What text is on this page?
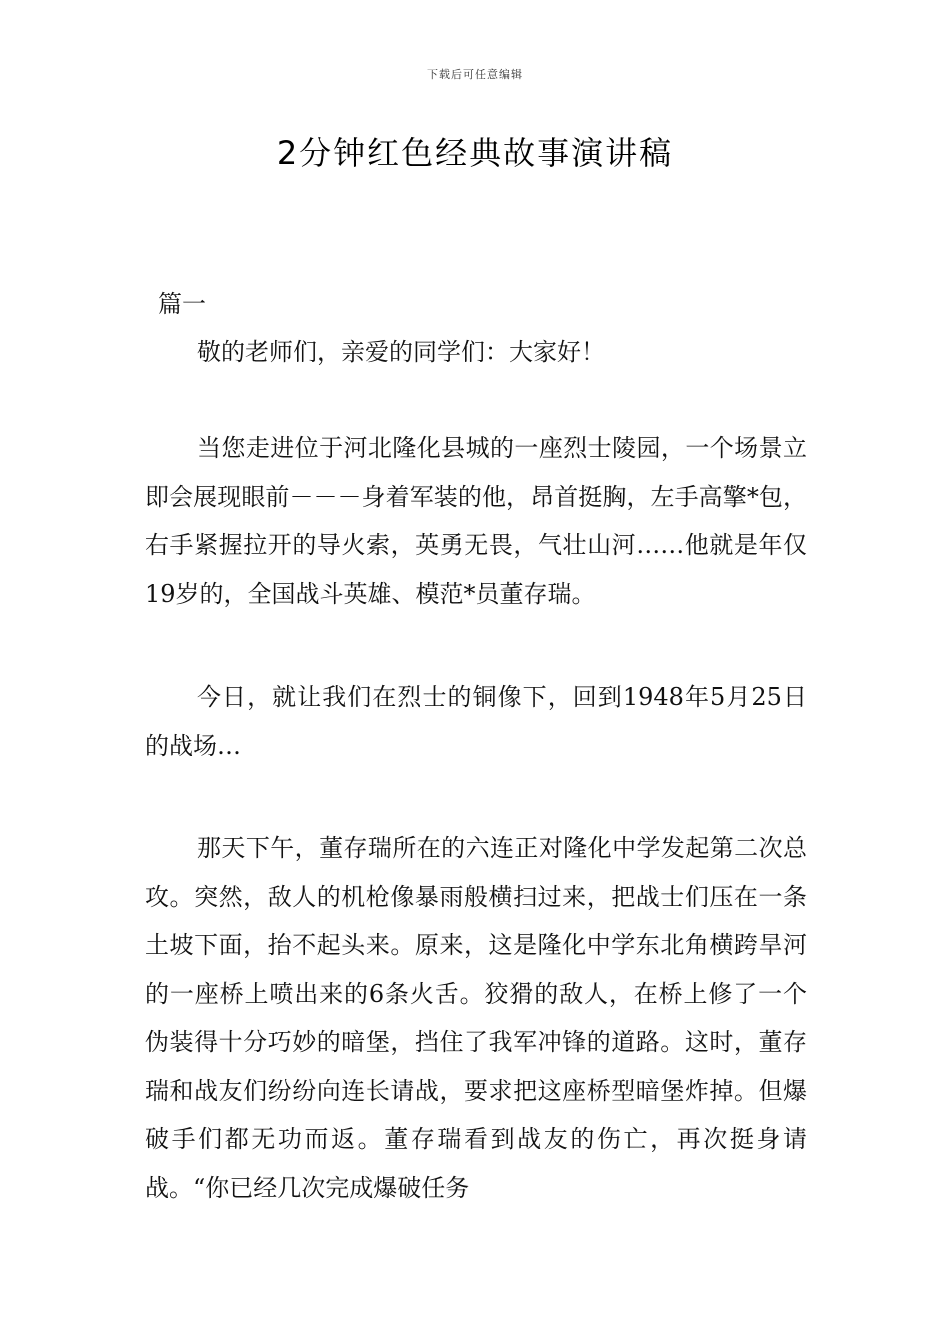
下载后可任意编辑
2分钟红色经典故事演讲稿
篇一

敬的老师们，亲爱的同学们：大家好！

当您走进位于河北隆化县城的一座烈士陵园，一个场景立即会展现眼前－－－身着军装的他，昂首挺胸，左手高擎*包，右手紧握拉开的导火索，英勇无畏，气壮山河……他就是年仅19岁的，全国战斗英雄、模范*员董存瑞。

今日，就让我们在烈士的铜像下，回到1948年5月25日的战场…

那天下午，董存瑞所在的六连正对隆化中学发起第二次总攻。突然，敌人的机枪像暴雨般横扫过来，把战士们压在一条土坡下面，抬不起头来。原来，这是隆化中学东北角横跨旱河的一座桥上喷出来的6条火舌。狡猾的敌人，在桥上修了一个伪装得十分巧妙的暗堡，挡住了我军冲锋的道路。这时，董存瑞和战友们纷纷向连长请战，要求把这座桥型暗堡炸掉。但爆破手们都无功而返。董存瑞看到战友的伤亡，再次挺身请战。“你已经几次完成爆破任务
